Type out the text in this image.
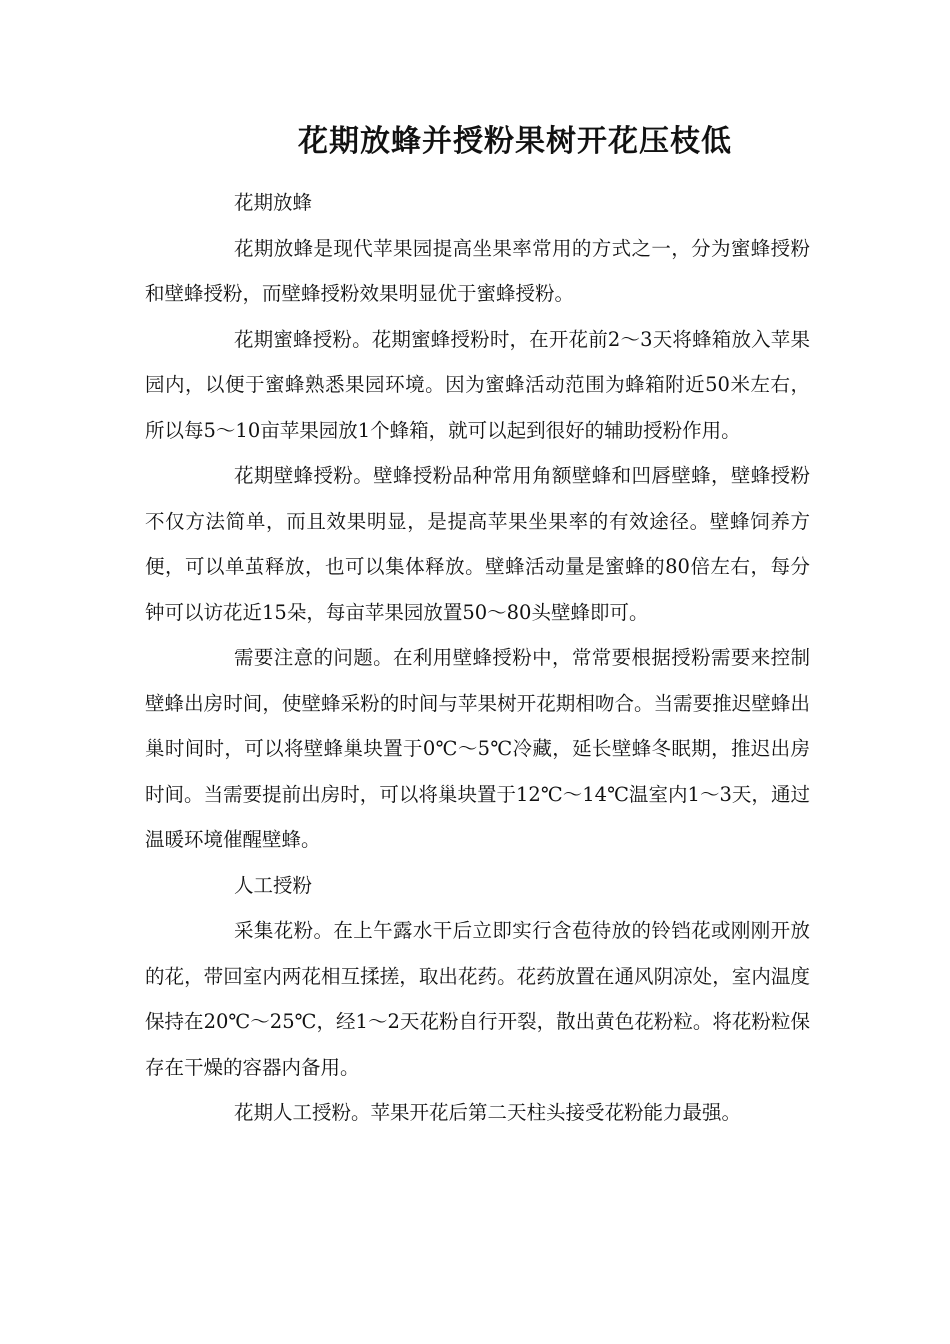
花期放蜂并授粉果树开花压枝低

花期放蜂

花期放蜂是现代苹果园提高坐果率常用的方式之一，分为蜜蜂授粉和壁蜂授粉，而壁蜂授粉效果明显优于蜜蜂授粉。

花期蜜蜂授粉。花期蜜蜂授粉时，在开花前2～3天将蜂箱放入苹果园内，以便于蜜蜂熟悉果园环境。因为蜜蜂活动范围为蜂箱附近50米左右，所以每5～10亩苹果园放1个蜂箱，就可以起到很好的辅助授粉作用。

花期壁蜂授粉。壁蜂授粉品种常用角额壁蜂和凹唇壁蜂，壁蜂授粉不仅方法简单，而且效果明显，是提高苹果坐果率的有效途径。壁蜂饲养方便，可以单茧释放，也可以集体释放。壁蜂活动量是蜜蜂的80倍左右，每分钟可以访花近15朵，每亩苹果园放置50～80头壁蜂即可。

需要注意的问题。在利用壁蜂授粉中，常常要根据授粉需要来控制壁蜂出房时间，使壁蜂采粉的时间与苹果树开花期相吻合。当需要推迟壁蜂出巢时间时，可以将壁蜂巢块置于0℃～5℃冷藏，延长壁蜂冬眠期，推迟出房时间。当需要提前出房时，可以将巢块置于12℃～14℃温室内1～3天，通过温暖环境催醒壁蜂。

人工授粉

采集花粉。在上午露水干后立即实行含苞待放的铃铛花或刚刚开放的花，带回室内两花相互揉搓，取出花药。花药放置在通风阴凉处，室内温度保持在20℃～25℃，经1～2天花粉自行开裂，散出黄色花粉粒。将花粉粒保存在干燥的容器内备用。

花期人工授粉。苹果开花后第二天柱头接受花粉能力最强。
